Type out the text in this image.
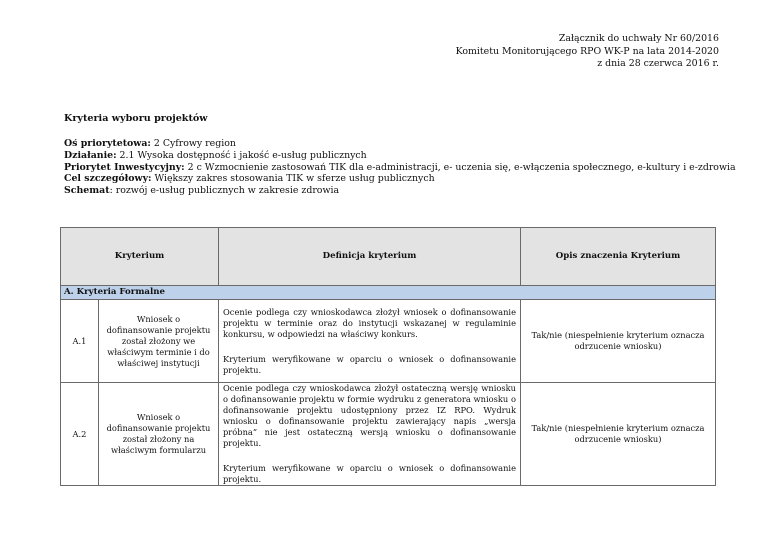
Załącznik do uchwały Nr 60/2016
Komitetu Monitorującego RPO WK-P na lata 2014-2020
z dnia 28 czerwca 2016 r.
Kryteria wyboru projektów
Oś priorytetowa: 2 Cyfrowy region
Działanie: 2.1 Wysoka dostępność i jakość e-usług publicznych
Priorytet Inwestycyjny: 2 c Wzmocnienie zastosowań TIK dla e-administracji, e- uczenia się, e-włączenia społecznego, e-kultury i e-zdrowia
Cel szczegółowy: Większy zakres stosowania TIK w sferze usług publicznych
Schemat: rozwój e-usług publicznych w zakresie zdrowia
Kryterium		Definicja kryterium	Opis znaczenia Kryterium
A. Kryteria Formalne			
A.1	Wniosek o dofinansowanie projektu został złożony we właściwym terminie i do właściwej instytucji	Ocenie podlega czy wnioskodawca złożył wniosek o dofinansowanie projektu w terminie oraz do instytucji wskazanej w regulaminie konkursu, w odpowiedzi na właściwy konkurs.

Kryterium weryfikowane w oparciu o wniosek o dofinansowanie projektu.	Tak/nie (niespełnienie kryterium oznacza odrzucenie wniosku)
A.2	Wniosek o dofinansowanie projektu został złożony na właściwym formularzu	Ocenie podlega czy wnioskodawca złożył ostateczną wersję wniosku o dofinansowanie projektu w formie wydruku z generatora wniosku o dofinansowanie projektu udostępniony przez IZ RPO. Wydruk wniosku o dofinansowanie projektu zawierający napis „wersja próbna” nie jest ostateczną wersją wniosku o dofinansowanie projektu.

Kryterium weryfikowane w oparciu o wniosek o dofinansowanie projektu.	Tak/nie (niespełnienie kryterium oznacza odrzucenie wniosku)
